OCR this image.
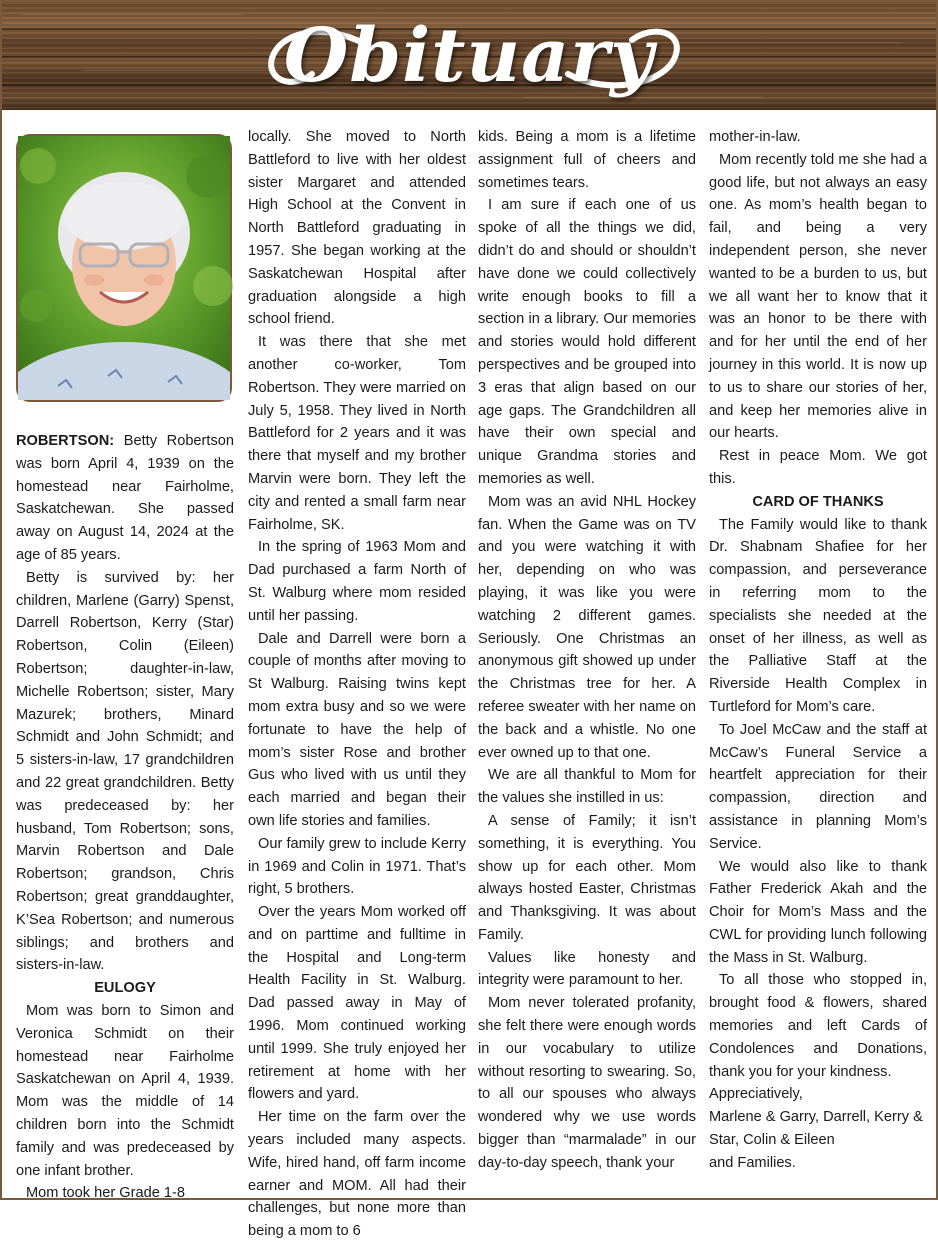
Obituary

ROBERTSON: Betty Robertson was born April 4, 1939 on the homestead near Fairholme, Saskatchewan. She passed away on August 14, 2024 at the age of 85 years.

Betty is survived by: her children, Marlene (Garry) Spenst, Darrell Robertson, Kerry (Star) Robertson, Colin (Eileen) Robertson; daughter-in-law, Michelle Robertson; sister, Mary Mazurek; brothers, Minard Schmidt and John Schmidt; and 5 sisters-in-law, 17 grandchildren and 22 great grandchildren. Betty was predeceased by: her husband, Tom Robertson; sons, Marvin Robertson and Dale Robertson; grandson, Chris Robertson; great granddaughter, K’Sea Robertson; and numerous siblings; and brothers and sisters-in-law.

EULOGY

Mom was born to Simon and Veronica Schmidt on their homestead near Fairholme Saskatchewan on April 4, 1939. Mom was the middle of 14 children born into the Schmidt family and was predeceased by one infant brother.

Mom took her Grade 1-8

locally. She moved to North Battleford to live with her oldest sister Margaret and attended High School at the Convent in North Battleford graduating in 1957. She began working at the Saskatchewan Hospital after graduation alongside a high school friend.

It was there that she met another co-worker, Tom Robertson. They were married on July 5, 1958. They lived in North Battleford for 2 years and it was there that myself and my brother Marvin were born. They left the city and rented a small farm near Fairholme, SK.

In the spring of 1963 Mom and Dad purchased a farm North of St. Walburg where mom resided until her passing.

Dale and Darrell were born a couple of months after moving to St Walburg. Raising twins kept mom extra busy and so we were fortunate to have the help of mom’s sister Rose and brother Gus who lived with us until they each married and began their own life stories and families.

Our family grew to include Kerry in 1969 and Colin in 1971. That’s right, 5 brothers.

Over the years Mom worked off and on parttime and fulltime in the Hospital and Long-term Health Facility in St. Walburg. Dad passed away in May of 1996. Mom continued working until 1999. She truly enjoyed her retirement at home with her flowers and yard.

Her time on the farm over the years included many aspects. Wife, hired hand, off farm income earner and MOM. All had their challenges, but none more than being a mom to 6

kids. Being a mom is a lifetime assignment full of cheers and sometimes tears.

I am sure if each one of us spoke of all the things we did, didn’t do and should or shouldn’t have done we could collectively write enough books to fill a section in a library. Our memories and stories would hold different perspectives and be grouped into 3 eras that align based on our age gaps. The Grandchildren all have their own special and unique Grandma stories and memories as well.

Mom was an avid NHL Hockey fan. When the Game was on TV and you were watching it with her, depending on who was playing, it was like you were watching 2 different games. Seriously. One Christmas an anonymous gift showed up under the Christmas tree for her. A referee sweater with her name on the back and a whistle. No one ever owned up to that one.

We are all thankful to Mom for the values she instilled in us:

A sense of Family; it isn’t something, it is everything. You show up for each other. Mom always hosted Easter, Christmas and Thanksgiving. It was about Family.

Values like honesty and integrity were paramount to her.

Mom never tolerated profanity, she felt there were enough words in our vocabulary to utilize without resorting to swearing. So, to all our spouses who always wondered why we use words bigger than “marmalade” in our day-to-day speech, thank your

mother-in-law.

Mom recently told me she had a good life, but not always an easy one. As mom’s health began to fail, and being a very independent person, she never wanted to be a burden to us, but we all want her to know that it was an honor to be there with and for her until the end of her journey in this world. It is now up to us to share our stories of her, and keep her memories alive in our hearts.

Rest in peace Mom. We got this.

CARD OF THANKS

The Family would like to thank Dr. Shabnam Shafiee for her compassion, and perseverance in referring mom to the specialists she needed at the onset of her illness, as well as the Palliative Staff at the Riverside Health Complex in Turtleford for Mom’s care.

To Joel McCaw and the staff at McCaw’s Funeral Service a heartfelt appreciation for their compassion, direction and assistance in planning Mom’s Service.

We would also like to thank Father Frederick Akah and the Choir for Mom’s Mass and the CWL for providing lunch following the Mass in St. Walburg.

To all those who stopped in, brought food & flowers, shared memories and left Cards of Condolences and Donations, thank you for your kindness.

Appreciatively,

Marlene & Garry, Darrell, Kerry & Star, Colin & Eileen

and Families.
